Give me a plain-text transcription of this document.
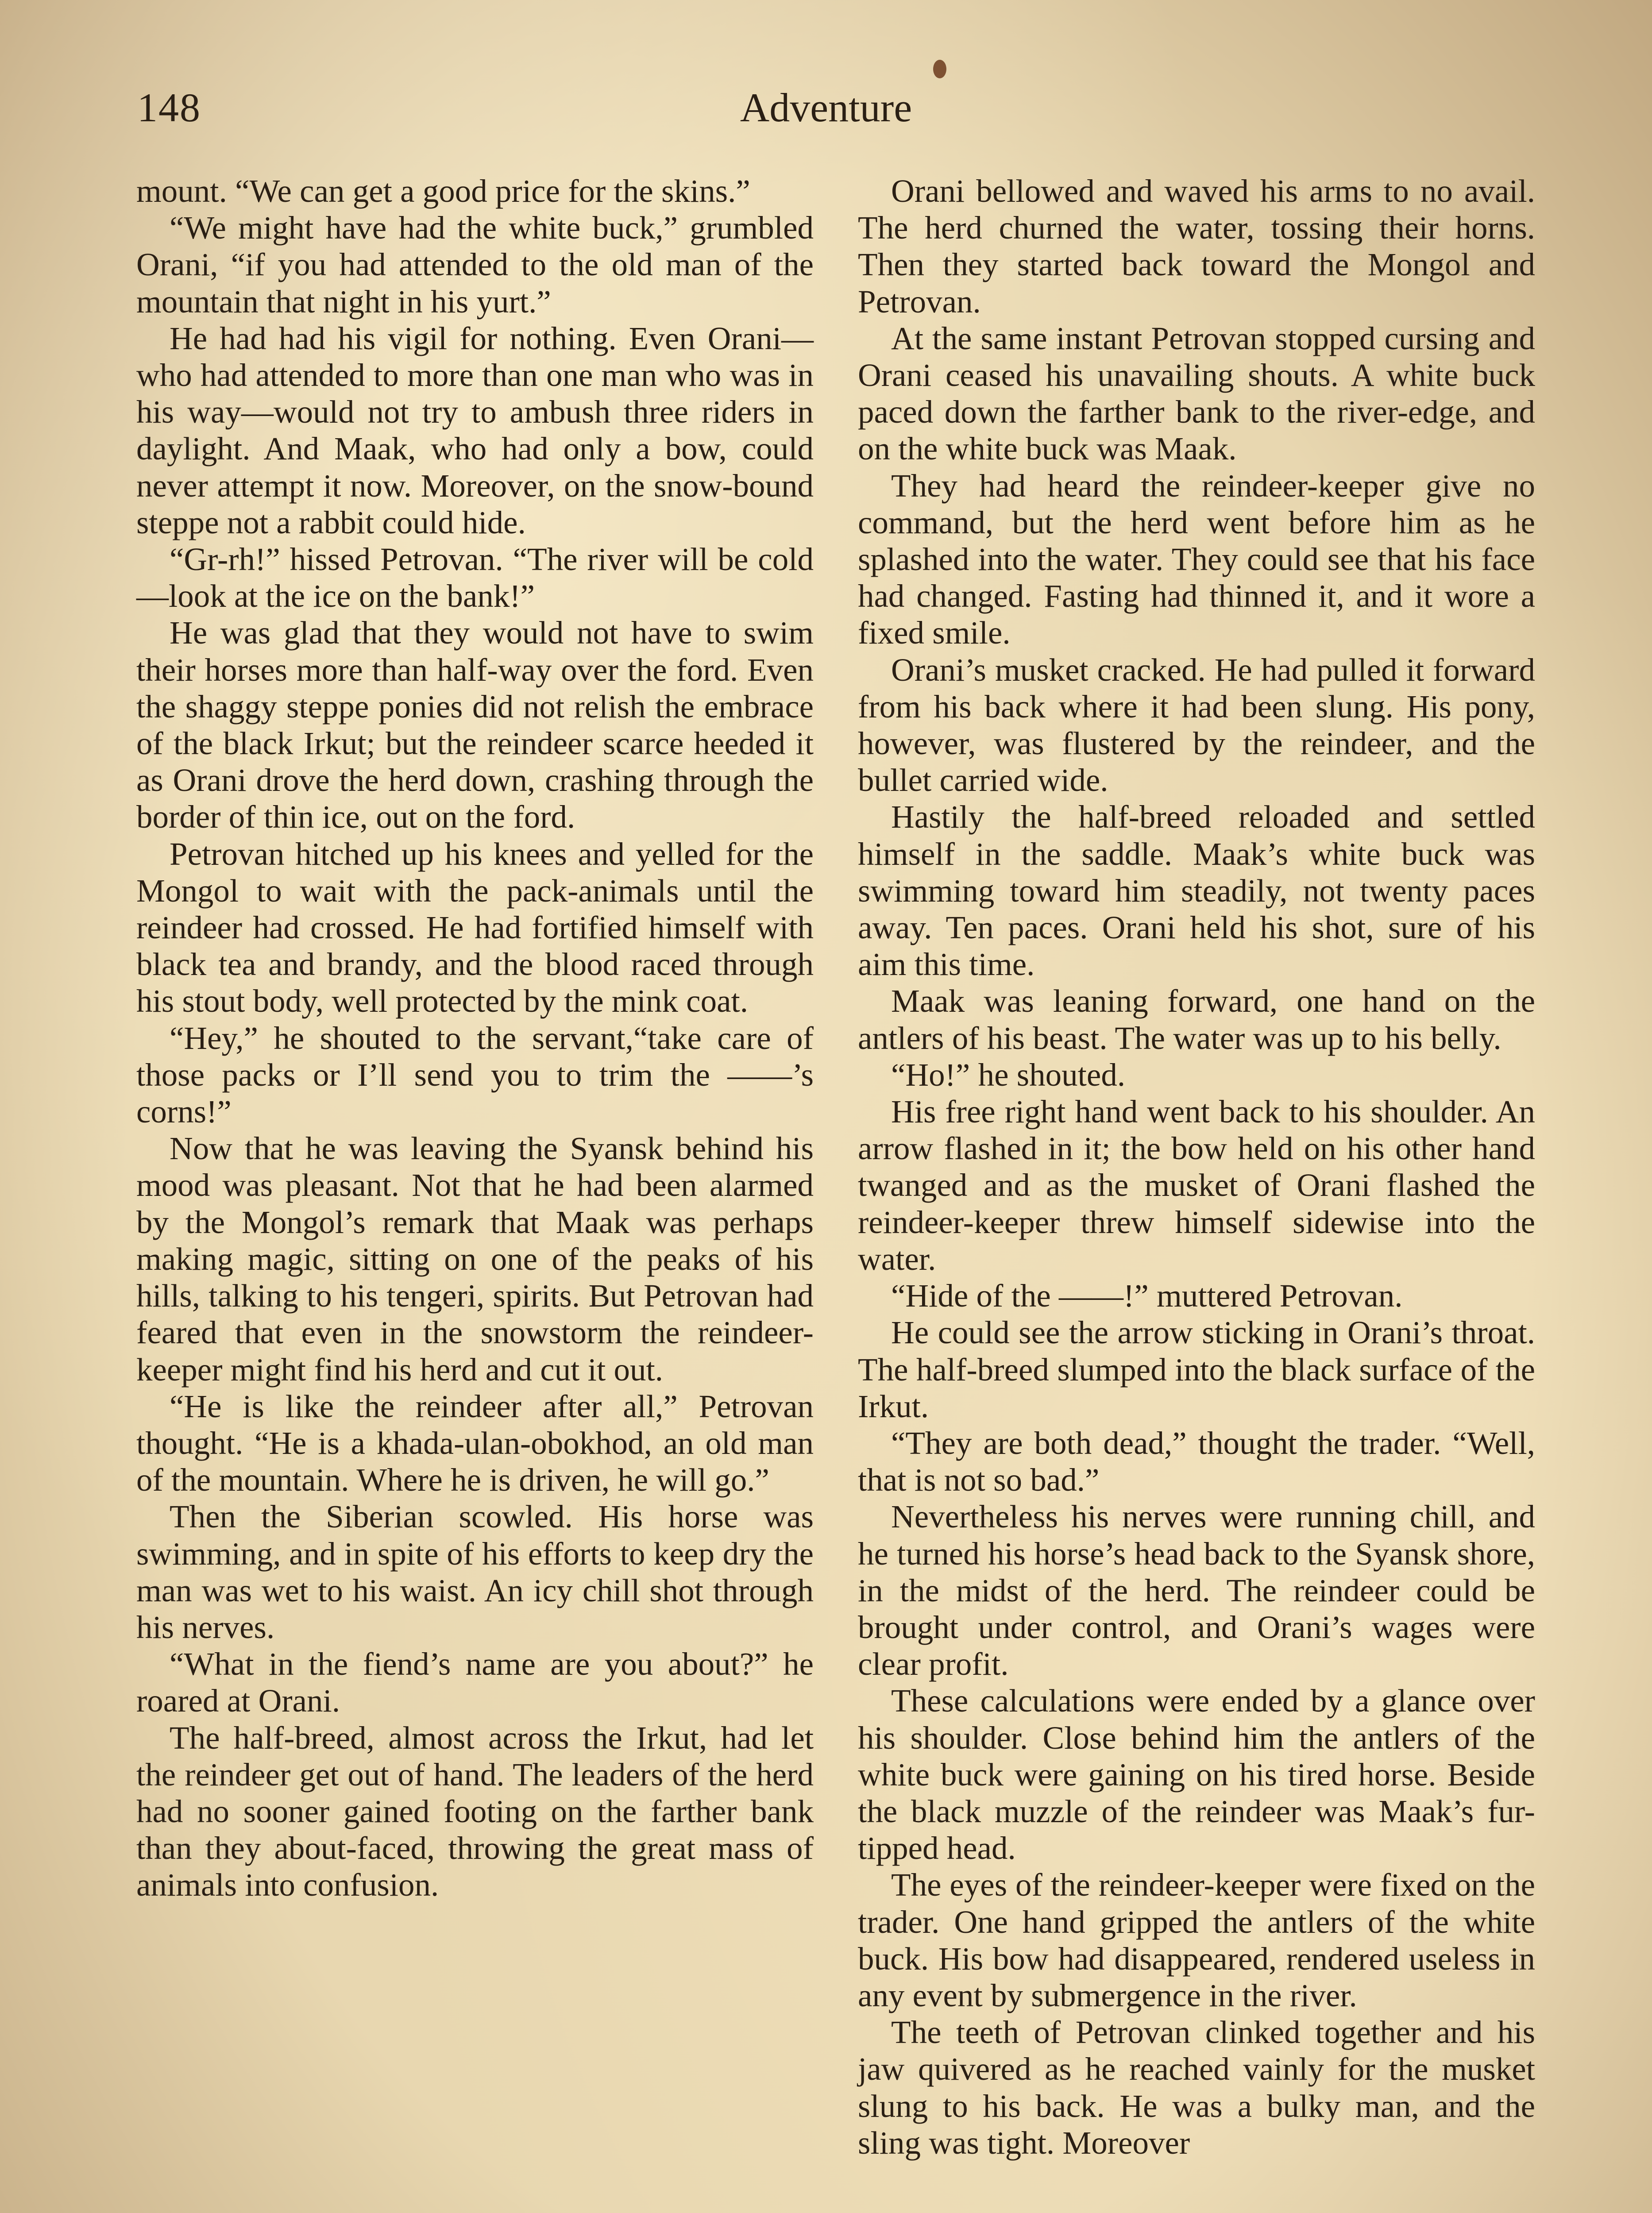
148	Adventure

mount. “We can get a good price for the skins.”

“We might have had the white buck,” grumbled Orani, “if you had attended to the old man of the mountain that night in his yurt.”

He had had his vigil for nothing. Even Orani—who had attended to more than one man who was in his way—would not try to ambush three riders in daylight. And Maak, who had only a bow, could never attempt it now. Moreover, on the snow-bound steppe not a rabbit could hide.

“Gr-rh!” hissed Petrovan. “The river will be cold—look at the ice on the bank!”

He was glad that they would not have to swim their horses more than half-way over the ford. Even the shaggy steppe ponies did not relish the embrace of the black Irkut; but the reindeer scarce heeded it as Orani drove the herd down, crashing through the border of thin ice, out on the ford.

Petrovan hitched up his knees and yelled for the Mongol to wait with the pack-animals until the reindeer had crossed. He had fortified himself with black tea and brandy, and the blood raced through his stout body, well protected by the mink coat.

“Hey,” he shouted to the servant,“take care of those packs or I’ll send you to trim the ——’s corns!”

Now that he was leaving the Syansk behind his mood was pleasant. Not that he had been alarmed by the Mongol’s remark that Maak was perhaps making magic, sitting on one of the peaks of his hills, talking to his tengeri, spirits. But Petrovan had feared that even in the snowstorm the reindeer-keeper might find his herd and cut it out.

“He is like the reindeer after all,” Petrovan thought. “He is a khada-ulan-obokhod, an old man of the mountain. Where he is driven, he will go.”

Then the Siberian scowled. His horse was swimming, and in spite of his efforts to keep dry the man was wet to his waist. An icy chill shot through his nerves.

“What in the fiend’s name are you about?” he roared at Orani.

The half-breed, almost across the Irkut, had let the reindeer get out of hand. The leaders of the herd had no sooner gained footing on the farther bank than they about-faced, throwing the great mass of animals into confusion.

Orani bellowed and waved his arms to no avail. The herd churned the water, tossing their horns. Then they started back toward the Mongol and Petrovan.

At the same instant Petrovan stopped cursing and Orani ceased his unavailing shouts. A white buck paced down the farther bank to the river-edge, and on the white buck was Maak.

They had heard the reindeer-keeper give no command, but the herd went before him as he splashed into the water. They could see that his face had changed. Fasting had thinned it, and it wore a fixed smile.

Orani’s musket cracked. He had pulled it forward from his back where it had been slung. His pony, however, was flustered by the reindeer, and the bullet carried wide.

Hastily the half-breed reloaded and settled himself in the saddle. Maak’s white buck was swimming toward him steadily, not twenty paces away. Ten paces. Orani held his shot, sure of his aim this time.

Maak was leaning forward, one hand on the antlers of his beast. The water was up to his belly.

“Ho!” he shouted.

His free right hand went back to his shoulder. An arrow flashed in it; the bow held on his other hand twanged and as the musket of Orani flashed the reindeer-keeper threw himself sidewise into the water.

“Hide of the ——!” muttered Petrovan.

He could see the arrow sticking in Orani’s throat. The half-breed slumped into the black surface of the Irkut.

“They are both dead,” thought the trader. “Well, that is not so bad.”

Nevertheless his nerves were running chill, and he turned his horse’s head back to the Syansk shore, in the midst of the herd. The reindeer could be brought under control, and Orani’s wages were clear profit.

These calculations were ended by a glance over his shoulder. Close behind him the antlers of the white buck were gaining on his tired horse. Beside the black muzzle of the reindeer was Maak’s fur-tipped head.

The eyes of the reindeer-keeper were fixed on the trader. One hand gripped the antlers of the white buck. His bow had disappeared, rendered useless in any event by submergence in the river.

The teeth of Petrovan clinked together and his jaw quivered as he reached vainly for the musket slung to his back. He was a bulky man, and the sling was tight. Moreover
